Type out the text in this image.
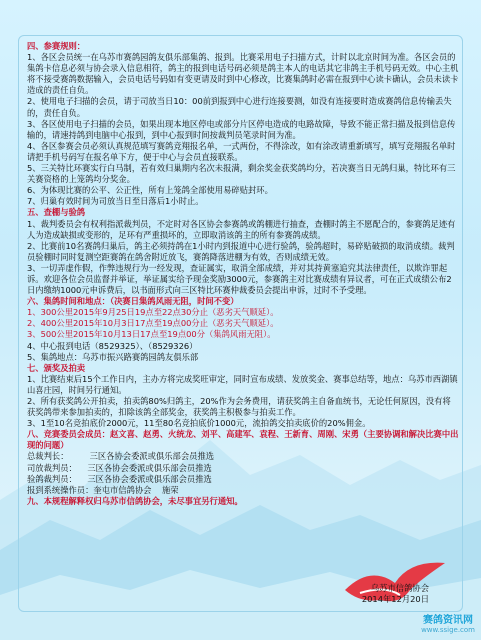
四、参赛规则：

1、各区会员统一在乌苏市赛鸽园鸽友俱乐部集鸽、报到。比赛采用电子扫描方式，计时以北京时间为准。各区会员的集鸽卡信息必须与协会录入信息相符，鸽主的报到电话号码必须是鸽主本人的电话其它非鸽主手机号码无效。中心主机将不接受赛鸽数据输入，会员电话号码如有变更请及时到中心修改，比赛集鸽时必需在报到中心读卡确认，会员未读卡造成的责任自负。

2、使用电子扫描的会员，请于司放当日10：00前到报到中心进行连接要测，如没有连接要时造成赛鸽信息传输丢失的，责任自负。

3、各区使用电子扫描的会员，如果出现本地区停电或部分片区停电造成的电路故障，导致不能正常扫描及报到信息传输的，请速持鸽到电脑中心报到，到中心报到时间按裁判员笔录时间为准。

4、各区参赛会员必须认真规范填写赛鸽竞翔报名单，一式两份，不得涂改，如有涂改请重新填写，填写竞翔报名单时请把手机号码写在报名单下方，便于中心与会员直接联系。

5、三关特比环赛实行白马制，若有效归巢期内名次未报满，剩余奖金获奖鸽均分，若决赛当日无鸽归巢，特比环有三关赛资格的上笼鸽均分奖金。

6、为体现比赛的公平、公正性，所有上笼鸽全部使用易碎贴封环。

7、归巢有效时间为司放当日至日落后1小时止。

五、查棚与验鸽

1、裁判委员会有权利指派裁判员，不定时对各区协会参赛鸽或鸽棚进行抽查，查棚时鸽主不愿配合的，参赛鸽足迹有人为造成缺损或变形的，足环有严重损坏的，立即取消该鸽主的所有参赛鸽成绩。

2、比赛前10名赛鸽归巢后，鸽主必须持鸽在1小时内到报道中心进行验鸽，验鸽超时，易碎贴破损的取消成绩。裁判员验棚时同时复测空距赛鸽在鸽舍附近放飞，赛鸽降落进棚为有效，否则成绩无效。

3、一切弄虚作假，作弊违规行为一经发现，查证属实，取消全部成绩，并对其持黄塞追究其法律责任，以欺诈罪起诉。欢迎各位会员监督并举证，举证属实给予现金奖励3000元，参赛鸽主对比赛成绩有异议者，可在正式成绩公布2日内缴纳1000元申诉费后，以书面形式向三区特比环赛仲裁委员会提出申诉，过时不予受理。

六、集鸽时间和地点：（决赛日集鸽风雨无阻，时间不变）

1、300公里2015年9月25日19点至22点30分止（恶劣天气顺延）。

2、400公里2015年10月3日17点至19点00分止（恶劣天气顺延）。

3、500公里2015年10月13日17点至19点00分（集鸽风雨无阻）。

4、中心报到电话（8529325）、（8529326）

5、集鸽地点：乌苏市振兴路赛鸽园鸽友俱乐部

七、颁奖及拍卖

1、比赛结束后15个工作日内，主办方将完成奖旺审定，同时宣布成绩、发放奖金、赛事总结等，地点：乌苏市西湖镇山喜庄园，时间另行通知。

2、所有获奖鸽公开拍卖，拍卖鸽80%归鸽主，20%作为会务费用，请获奖鸽主自备血统书，无论任何原因，没有将获奖鸽带来参加拍卖的，扣除该鸽全部奖金，获奖鸽主积极参与拍卖工作。

3、1至10名竞拍底价2000元，11至80名竞拍底价1000元，流拍鸽交拍卖底价的20%佣金。

八、竞赛委员会成员：赵文喜、赵勇、火统龙、刘平、高建军、袁程、王新育、周刚、宋勇（主要协调和解决比赛中出现的问题）

总裁判长：        三区各协会委派或俱乐部会员推选

司放裁判员：    三区各协会委派或俱乐部会员推选

验鸽裁判员：    三区各协会委派或俱乐部会员推选

报到系统操作员：奎屯市信鸽协会    施荣

九、本规程解释权归乌苏市信鸽协会，未尽事宜另行通知。

乌苏市信鸽协会

2014年12月20日

赛鸽资讯网
www.ssige.com
